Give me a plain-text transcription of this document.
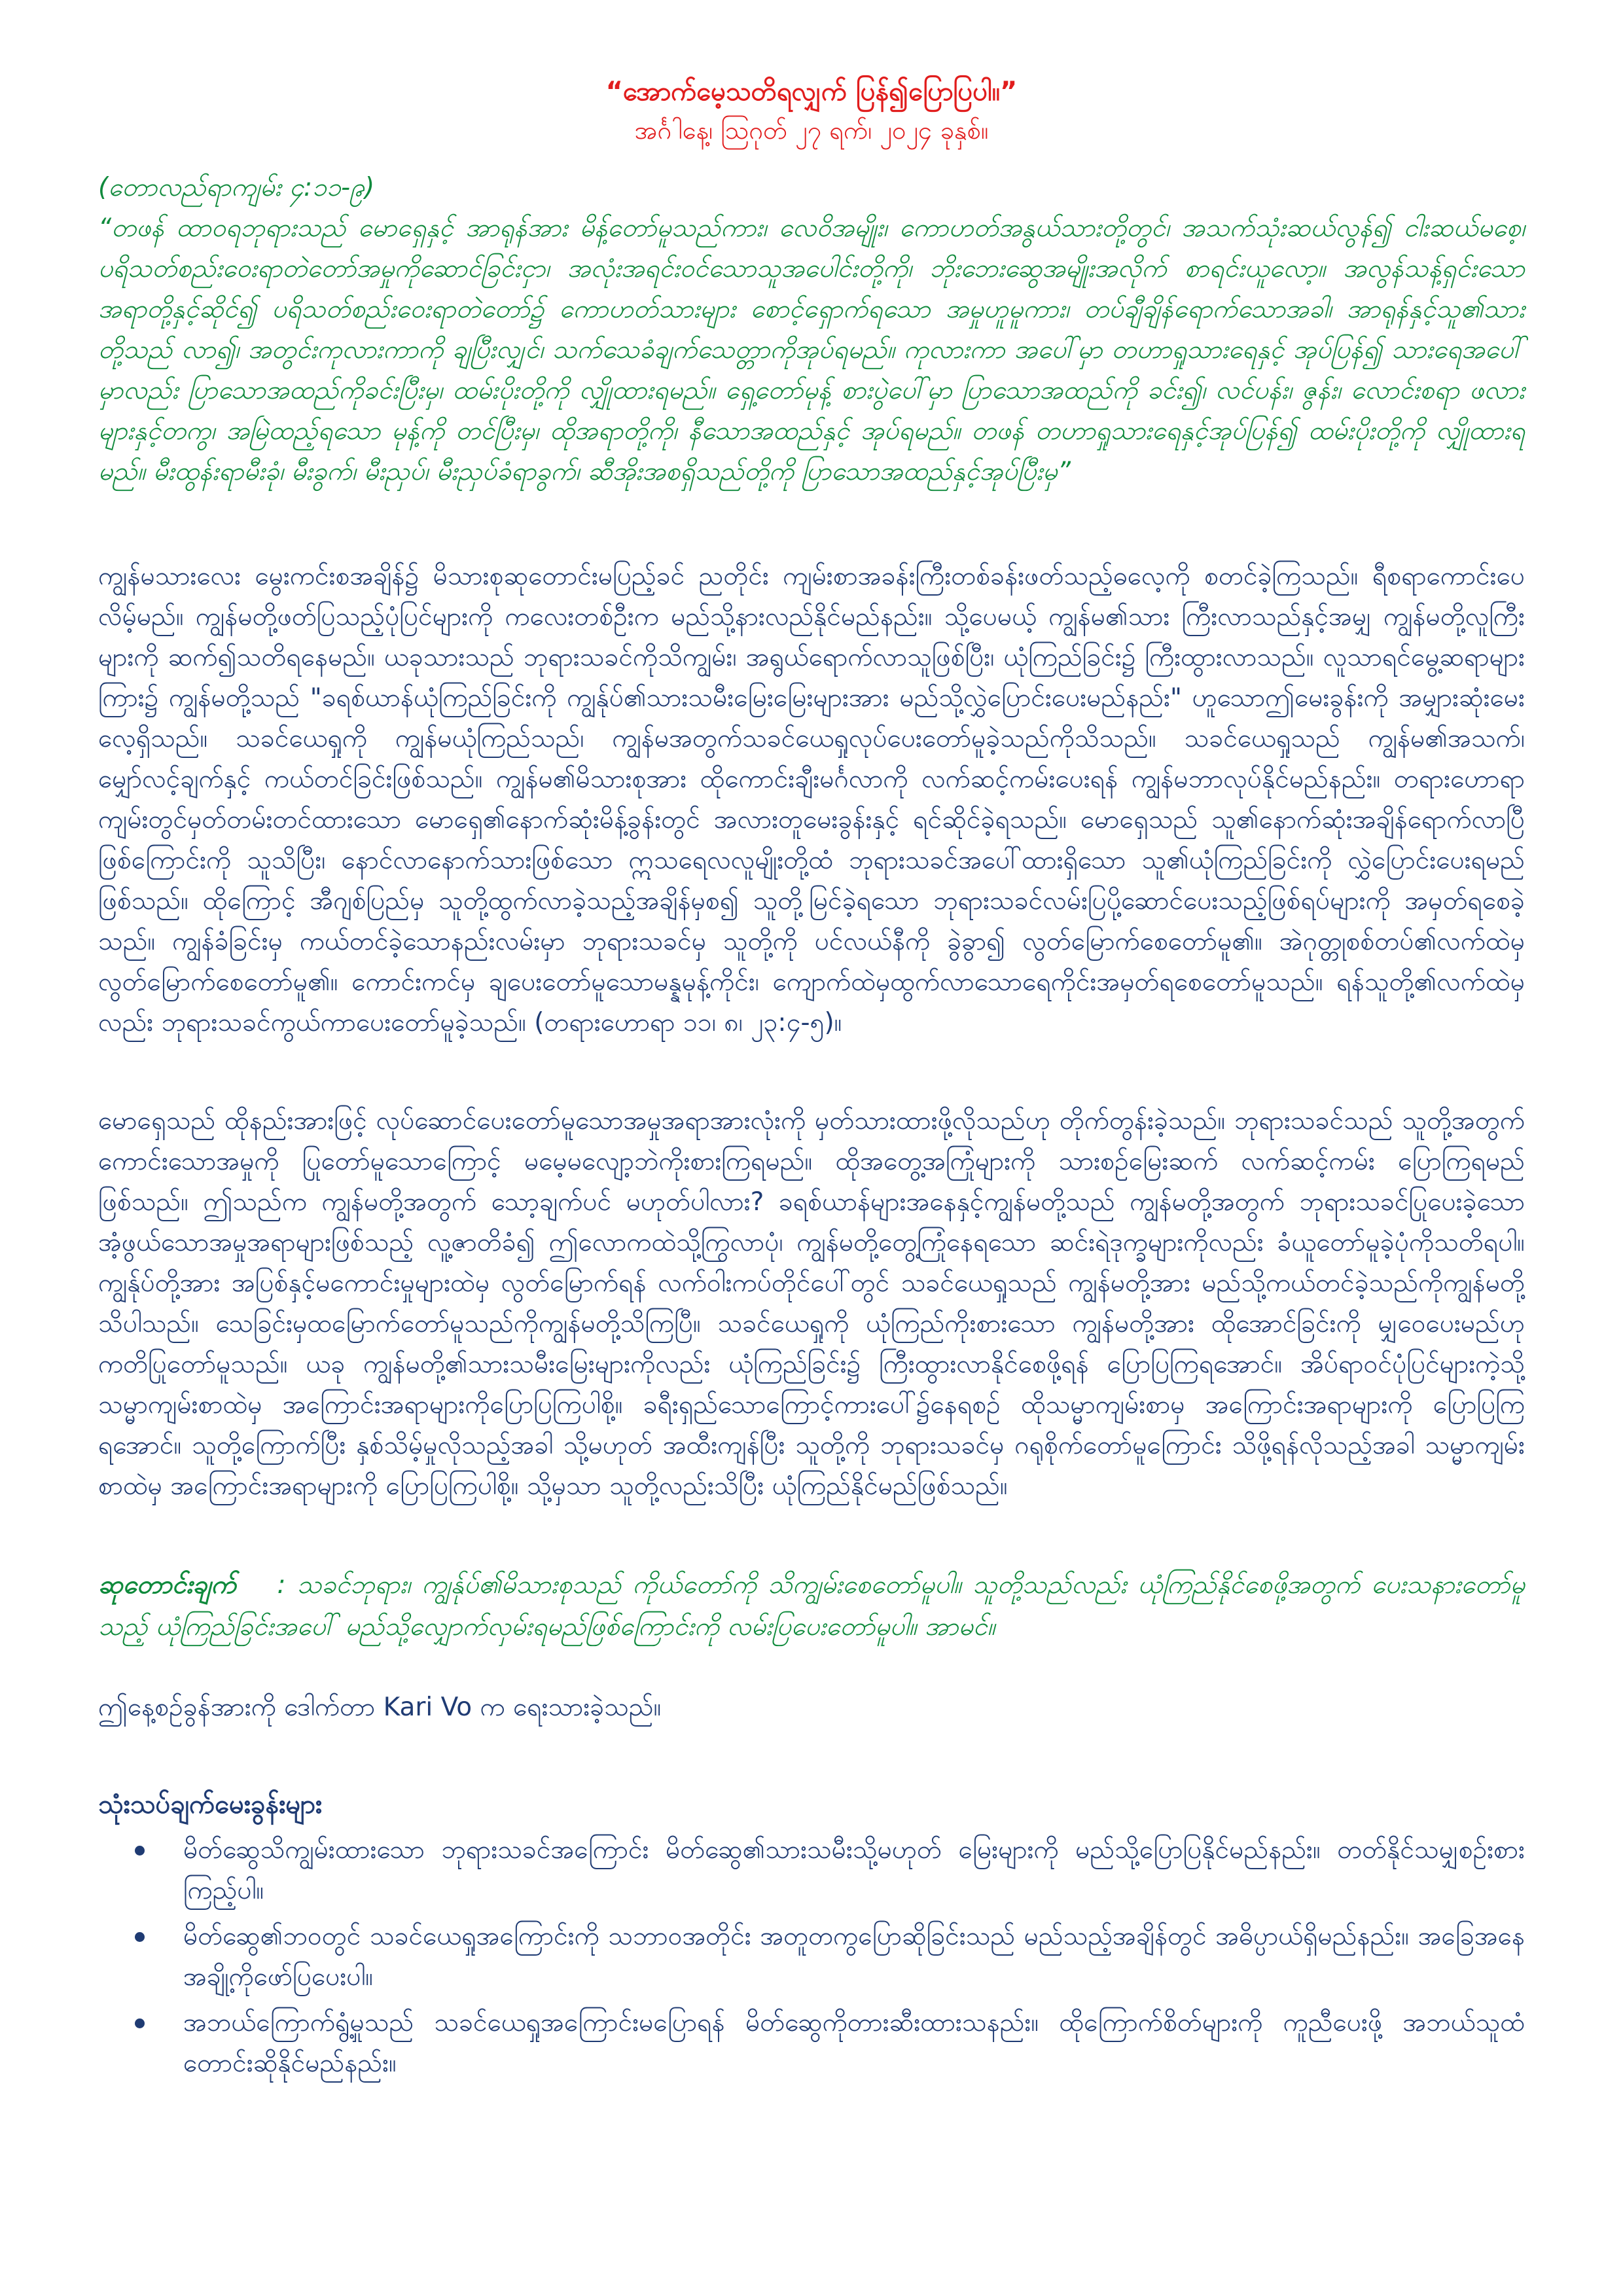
“အောက်မေ့သတိရလျှက် ပြန်၍ပြောပြပါ။”

အင်္ဂါနေ့၊ ဩဂုတ် ၂၇ ရက်၊ ၂၀၂၄ ခုနှစ်။

(တောလည်ရာကျမ်း ၄:၁၁-၉)

“တဖန် ထာဝရဘုရားသည် မောရှေနှင့် အာရုန်အား မိန့်တော်မူသည်ကား၊ လေဝိအမျိုး၊ ကောဟတ်အနွယ်သားတို့တွင်၊ အသက်သုံးဆယ်လွန်၍ ငါးဆယ်မစေ့၊ ပရိသတ်စည်းဝေးရာတဲတော်အမှုကိုဆောင်ခြင်းငှာ၊ အလုံးအရင်းဝင်သောသူအပေါင်းတို့ကို၊ ဘိုးဘေးဆွေအမျိုးအလိုက် စာရင်းယူလော့။ အလွန်သန့်ရှင်းသော အရာတို့နှင့်ဆိုင်၍ ပရိသတ်စည်းဝေးရာတဲတော်၌ ကောဟတ်သားများ စောင့်ရှောက်ရသော အမှုဟူမူကား၊ တပ်ချီချိန်ရောက်သောအခါ၊ အာရုန်နှင့်သူ၏သားတို့သည် လာ၍၊ အတွင်းကုလားကာကို ချပြီးလျှင်၊ သက်သေခံချက်သေတ္တာကိုအုပ်ရမည်။ ကုလားကာ အပေါ်မှာ တဟာရှုသားရေနှင့် အုပ်ပြန်၍ သားရေအပေါ်မှာလည်း ပြာသောအထည်ကိုခင်းပြီးမှ၊ ထမ်းပိုးတို့ကို လျှိုထားရမည်။ ရှေ့တော်မုန့် စားပွဲပေါ်မှာ ပြာသောအထည်ကို ခင်း၍၊ လင်ပန်း၊ ဇွန်း၊ လောင်းစရာ ဖလားများနှင့်တကွ၊ အမြဲထည့်ရသော မုန့်ကို တင်ပြီးမှ၊ ထိုအရာတို့ကို၊ နီသောအထည်နှင့် အုပ်ရမည်။ တဖန် တဟာရှုသားရေနှင့်အုပ်ပြန်၍ ထမ်းပိုးတို့ကို လျှိုထားရမည်။ မီးထွန်းရာမီးခုံ၊ မီးခွက်၊ မီးညှပ်၊ မီးညှပ်ခံရာခွက်၊ ဆီအိုးအစရှိသည်တို့ကို ပြာသောအထည်နှင့်အုပ်ပြီးမှ”

ကျွန်မသားလေး မွေးကင်းစအချိန်၌ မိသားစုဆုတောင်းမပြည့်ခင် ညတိုင်း ကျမ်းစာအခန်းကြီးတစ်ခန်းဖတ်သည့်ဓလေ့ကို စတင်ခဲ့ကြသည်။ ရီစရာကောင်းပေလိမ့်မည်။ ကျွန်မတို့ဖတ်ပြသည့်ပုံပြင်များကို ကလေးတစ်ဦးက မည်သို့နားလည်နိုင်မည်နည်း။ သို့ပေမယ့် ကျွန်မ၏သား ကြီးလာသည်နှင့်အမျှ ကျွန်မတို့လူကြီးများကို ဆက်၍သတိရနေမည်။ ယခုသားသည် ဘုရားသခင်ကိုသိကျွမ်း၊ အရွယ်ရောက်လာသူဖြစ်ပြီး၊ ယုံကြည်ခြင်း၌ ကြီးထွားလာသည်။ လူသာရင်မွေ့ဆရာများကြား၌ ကျွန်မတို့သည် "ခရစ်ယာန်ယုံကြည်ခြင်းကို ကျွန်ုပ်၏သားသမီးမြေးမြေးများအား မည်သို့လွှဲပြောင်းပေးမည်နည်း" ဟူသောဤမေးခွန်းကို အမျှားဆုံးမေးလေ့ရှိသည်။ သခင်ယေရှုကို ကျွန်မယုံကြည်သည်၊ ကျွန်မအတွက်သခင်ယေရှုလုပ်ပေးတော်မူခဲ့သည်ကိုသိသည်။ သခင်ယေရှုသည် ကျွန်မ၏အသက်၊ မျှော်လင့်ချက်နှင့် ကယ်တင်ခြင်းဖြစ်သည်။ ကျွန်မ၏မိသားစုအား ထိုကောင်းချီးမင်္ဂလာကို လက်ဆင့်ကမ်းပေးရန် ကျွန်မဘာလုပ်နိုင်မည်နည်း။ တရားဟောရာကျမ်းတွင်မှတ်တမ်းတင်ထားသော မောရှေ၏နောက်ဆုံးမိန့်ခွန်းတွင် အလားတူမေးခွန်းနှင့် ရင်ဆိုင်ခဲ့ရသည်။ မောရှေသည် သူ၏နောက်ဆုံးအချိန်ရောက်လာပြီဖြစ်ကြောင်းကို သူသိပြီး၊ နောင်လာနောက်သားဖြစ်သော ဣသရေလလူမျိုးတို့ထံ ဘုရားသခင်အပေါ်ထားရှိသော သူ၏ယုံကြည်ခြင်းကို လွှဲပြောင်းပေးရမည်ဖြစ်သည်။ ထိုကြောင့် အီဂျစ်ပြည်မှ သူတို့ထွက်လာခဲ့သည့်အချိန်မှစ၍ သူတို့မြင်ခဲ့ရသော ဘုရားသခင်လမ်းပြပို့ဆောင်ပေးသည့်ဖြစ်ရပ်များကို အမှတ်ရစေခဲ့သည်။ ကျွန်ခံခြင်းမှ ကယ်တင်ခဲ့သောနည်းလမ်းမှာ ဘုရားသခင်မှ သူတို့ကို ပင်လယ်နီကို ခွဲခွာ၍ လွတ်မြောက်စေတော်မူ၏။ အဲဂုတ္တုစစ်တပ်၏လက်ထဲမှ လွတ်မြောက်စေတော်မူ၏။ ကောင်းကင်မှ ချပေးတော်မူသောမန္နမုန့်ကိုင်း၊ ကျောက်ထဲမှထွက်လာသောရေကိုင်းအမှတ်ရစေတော်မူသည်။ ရန်သူတို့၏လက်ထဲမှလည်း ဘုရားသခင်ကွယ်ကာပေးတော်မူခဲ့သည်။ (တရားဟောရာ ၁၁၊ ၈၊ ၂၃:၄-၅)။

မောရှေသည် ထိုနည်းအားဖြင့် လုပ်ဆောင်ပေးတော်မူသောအမှုအရာအားလုံးကို မှတ်သားထားဖို့လိုသည်ဟု တိုက်တွန်းခဲ့သည်။ ဘုရားသခင်သည် သူတို့အတွက် ကောင်းသောအမှုကို ပြုတော်မူသောကြောင့် မမေ့မလျော့ဘဲကိုးစားကြရမည်။ ထိုအတွေ့အကြုံများကို သားစဉ်မြေးဆက် လက်ဆင့်ကမ်း ပြောကြရမည်ဖြစ်သည်။ ဤသည်က ကျွန်မတို့အတွက် သော့ချက်ပင် မဟုတ်ပါလား? ခရစ်ယာန်များအနေနှင့်ကျွန်မတို့သည် ကျွန်မတို့အတွက် ဘုရားသခင်ပြုပေးခဲ့သော အံ့ဖွယ်သောအမှုအရာများဖြစ်သည့် လူ့ဇာတိခံ၍ ဤလောကထဲသို့ကြွလာပုံ၊ ကျွန်မတို့တွေ့ကြုံနေရသော ဆင်းရဲဒုက္ခများကိုလည်း ခံယူတော်မူခဲ့ပုံကိုသတိရပါ။ ကျွန်ုပ်တို့အား အပြစ်နှင့်မကောင်းမှုများထဲမှ လွတ်မြောက်ရန် လက်ဝါးကပ်တိုင်ပေါ်တွင် သခင်ယေရှုသည် ကျွန်မတို့အား မည်သို့ကယ်တင်ခဲ့သည်ကိုကျွန်မတို့ သိပါသည်။ သေခြင်းမှထမြောက်တော်မူသည်ကိုကျွန်မတို့သိကြပြီ။ သခင်ယေရှုကို ယုံကြည်ကိုးစားသော ကျွန်မတို့အား ထိုအောင်ခြင်းကို မျှဝေပေးမည်ဟု ကတိပြုတော်မူသည်။ ယခု ကျွန်မတို့၏သားသမီးမြေးများကိုလည်း ယုံကြည်ခြင်း၌ ကြီးထွားလာနိုင်စေဖို့ရန် ပြောပြကြရအောင်။ အိပ်ရာဝင်ပုံပြင်များကဲ့သို့ သမ္မာကျမ်းစာထဲမှ အကြောင်းအရာများကိုပြောပြကြပါစို့။ ခရီးရှည်သောကြောင့်ကားပေါ်၌နေရစဉ် ထိုသမ္မာကျမ်းစာမှ အကြောင်းအရာများကို ပြောပြကြရအောင်။ သူတို့ကြောက်ပြီး နှစ်သိမ့်မှုလိုသည့်အခါ သို့မဟုတ် အထီးကျန်ပြီး သူတို့ကို ဘုရားသခင်မှ ဂရုစိုက်တော်မူကြောင်း သိဖို့ရန်လိုသည့်အခါ သမ္မာကျမ်းစာထဲမှ အကြောင်းအရာများကို ပြောပြကြပါစို့။ သို့မှသာ သူတို့လည်းသိပြီး ယုံကြည်နိုင်မည်ဖြစ်သည်။

ဆုတောင်းချက် : သခင်ဘုရား၊ ကျွန်ုပ်၏မိသားစုသည် ကိုယ်တော်ကို သိကျွမ်းစေတော်မူပါ။ သူတို့သည်လည်း ယုံကြည်နိုင်စေဖို့အတွက် ပေးသနားတော်မူသည့် ယုံကြည်ခြင်းအပေါ် မည်သို့လျှောက်လှမ်းရမည်ဖြစ်ကြောင်းကို လမ်းပြပေးတော်မူပါ။ အာမင်။

ဤနေ့စဉ်ခွန်အားကို ဒေါက်တာ Kari Vo က ရေးသားခဲ့သည်။

သုံးသပ်ချက်မေးခွန်းများ
မိတ်ဆွေသိကျွမ်းထားသော ဘုရားသခင်အကြောင်း မိတ်ဆွေ၏သားသမီးသို့မဟုတ် မြေးများကို မည်သို့ပြောပြနိုင်မည်နည်း။ တတ်နိုင်သမျှစဉ်းစားကြည့်ပါ။
မိတ်ဆွေ၏ဘဝတွင် သခင်ယေရှုအကြောင်းကို သဘာဝအတိုင်း အတူတကွပြောဆိုခြင်းသည် မည်သည့်အချိန်တွင် အဓိပ္ပာယ်ရှိမည်နည်း။ အခြေအနေအချို့ကိုဖော်ပြပေးပါ။
အဘယ်ကြောက်ရွံ့မှုသည် သခင်ယေရှုအကြောင်းမပြောရန် မိတ်ဆွေကိုတားဆီးထားသနည်း။ ထိုကြောက်စိတ်များကို ကူညီပေးဖို့ အဘယ်သူထံ တောင်းဆိုနိုင်မည်နည်း။
